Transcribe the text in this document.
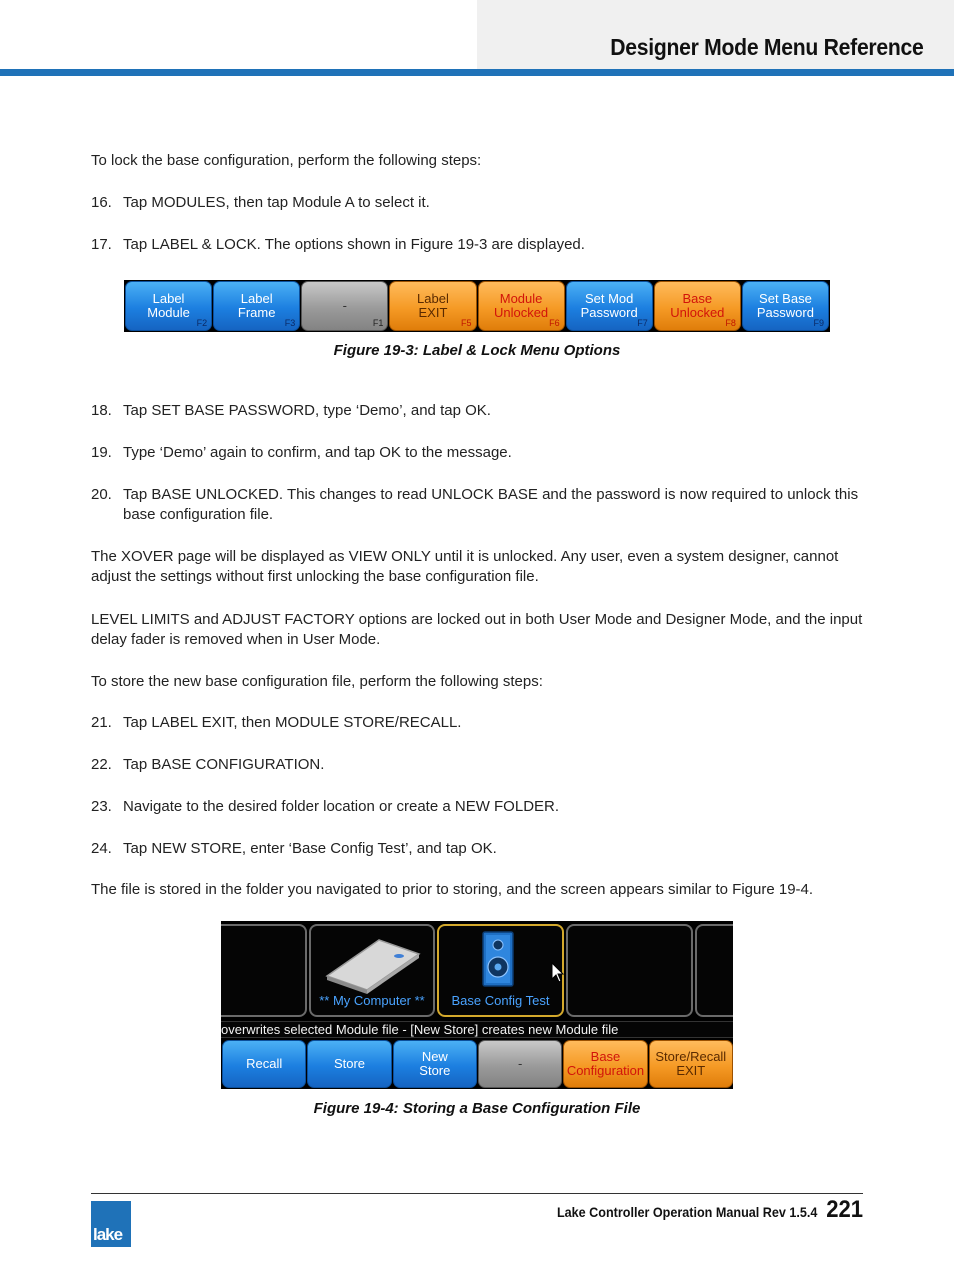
Designer Mode Menu Reference
To lock the base configuration, perform the following steps:
16. Tap MODULES, then tap Module A to select it.
17. Tap LABEL & LOCK. The options shown in Figure 19-3 are displayed.
Label
Module
F2
Label
Frame
F3
-
F1
Label
EXIT
F5
Module
Unlocked
F6
Set Mod
Password
F7
Base
Unlocked
F8
Set Base
Password
F9
Figure 19-3: Label & Lock Menu Options
18. Tap SET BASE PASSWORD, type ‘Demo’, and tap OK.
19. Type ‘Demo’ again to confirm, and tap OK to the message.
20. Tap BASE UNLOCKED. This changes to read UNLOCK BASE and the password is now required to unlock this base configuration file.
The XOVER page will be displayed as VIEW ONLY until it is unlocked. Any user, even a system designer, cannot adjust the settings without first unlocking the base configuration file.
LEVEL LIMITS and ADJUST FACTORY options are locked out in both User Mode and Designer Mode, and the input delay fader is removed when in User Mode.
To store the new base configuration file, perform the following steps:
21. Tap LABEL EXIT, then MODULE STORE/RECALL.
22. Tap BASE CONFIGURATION.
23. Navigate to the desired folder location or create a NEW FOLDER.
24. Tap NEW STORE, enter ‘Base Config Test’, and tap OK.
The file is stored in the folder you navigated to prior to storing, and the screen appears similar to Figure 19-4.
** My Computer **	Base Config Test
overwrites selected Module file - [New Store] creates new Module file
Recall	Store	New
Store	-	Base
Configuration
Store/Recall
EXIT
Figure 19-4: Storing a Base Configuration File
lake
Lake Controller Operation Manual Rev 1.5.4 221
